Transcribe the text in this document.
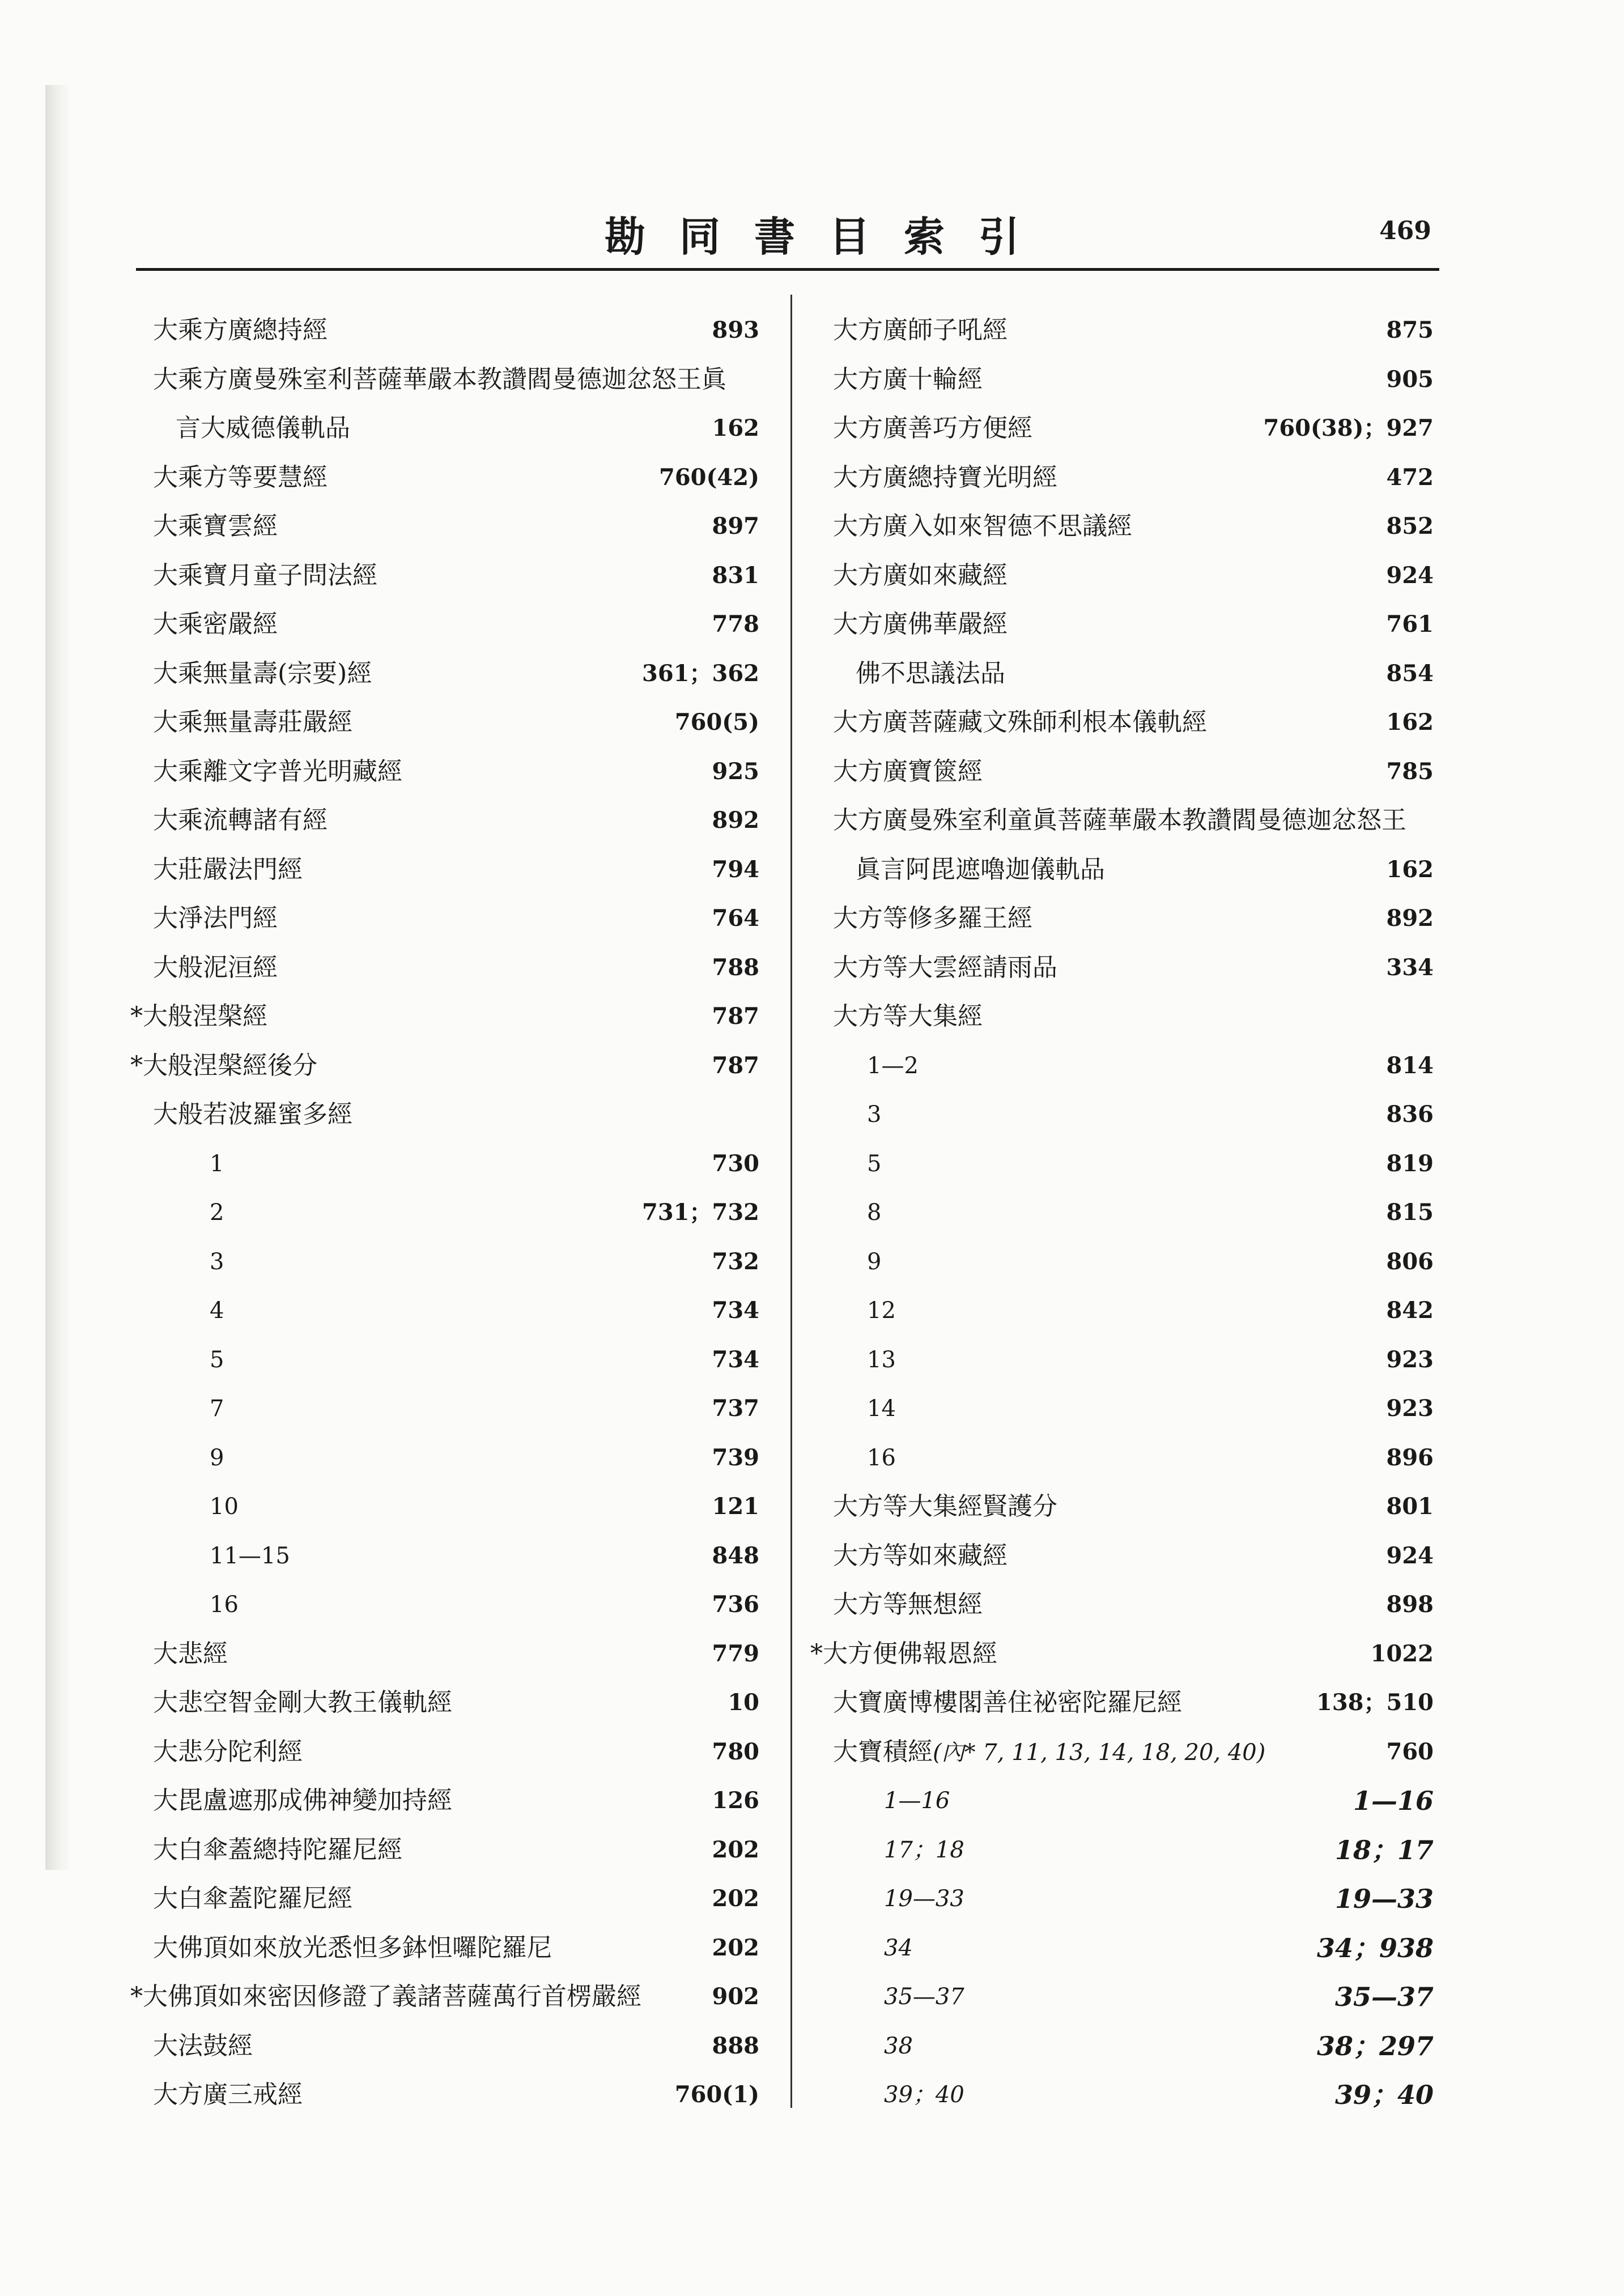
勘同書目索引	469
大乘方廣總持經	893
大乘方廣曼殊室利菩薩華嚴本教讚閻曼德迦忿怒王眞
言大威德儀軌品	162
大乘方等要慧經	760(42)
大乘寶雲經	897
大乘寶月童子問法經	831
大乘密嚴經	778
大乘無量壽(宗要)經	361；362
大乘無量壽莊嚴經	760(5)
大乘離文字普光明藏經	925
大乘流轉諸有經	892
大莊嚴法門經	794
大淨法門經	764
大般泥洹經	788
*大般涅槃經	787
*大般涅槃經後分	787
大般若波羅蜜多經
1	730
2	731；732
3	732
4	734
5	734
7	737
9	739
10	121
11—15	848
16	736
大悲經	779
大悲空智金剛大教王儀軌經	10
大悲分陀利經	780
大毘盧遮那成佛神變加持經	126
大白傘蓋總持陀羅尼經	202
大白傘蓋陀羅尼經	202
大佛頂如來放光悉怛多鉢怛囉陀羅尼	202
*大佛頂如來密因修證了義諸菩薩萬行首楞嚴經	902
大法鼓經	888
大方廣三戒經	760(1)
大方廣師子吼經	875
大方廣十輪經	905
大方廣善巧方便經	760(38)；927
大方廣總持寶光明經	472
大方廣入如來智德不思議經	852
大方廣如來藏經	924
大方廣佛華嚴經	761
佛不思議法品	854
大方廣菩薩藏文殊師利根本儀軌經	162
大方廣寶篋經	785
大方廣曼殊室利童眞菩薩華嚴本教讚閻曼德迦忿怒王
眞言阿毘遮嚕迦儀軌品	162
大方等修多羅王經	892
大方等大雲經請雨品	334
大方等大集經
1—2	814
3	836
5	819
8	815
9	806
12	842
13	923
14	923
16	896
大方等大集經賢護分	801
大方等如來藏經	924
大方等無想經	898
*大方便佛報恩經	1022
大寶廣博樓閣善住祕密陀羅尼經	138；510
大寶積經(內* 7, 11, 13, 14, 18, 20, 40)	760
1—16	1—16
17；18	18；17
19—33	19—33
34	34；938
35—37	35—37
38	38；297
39；40	39；40
